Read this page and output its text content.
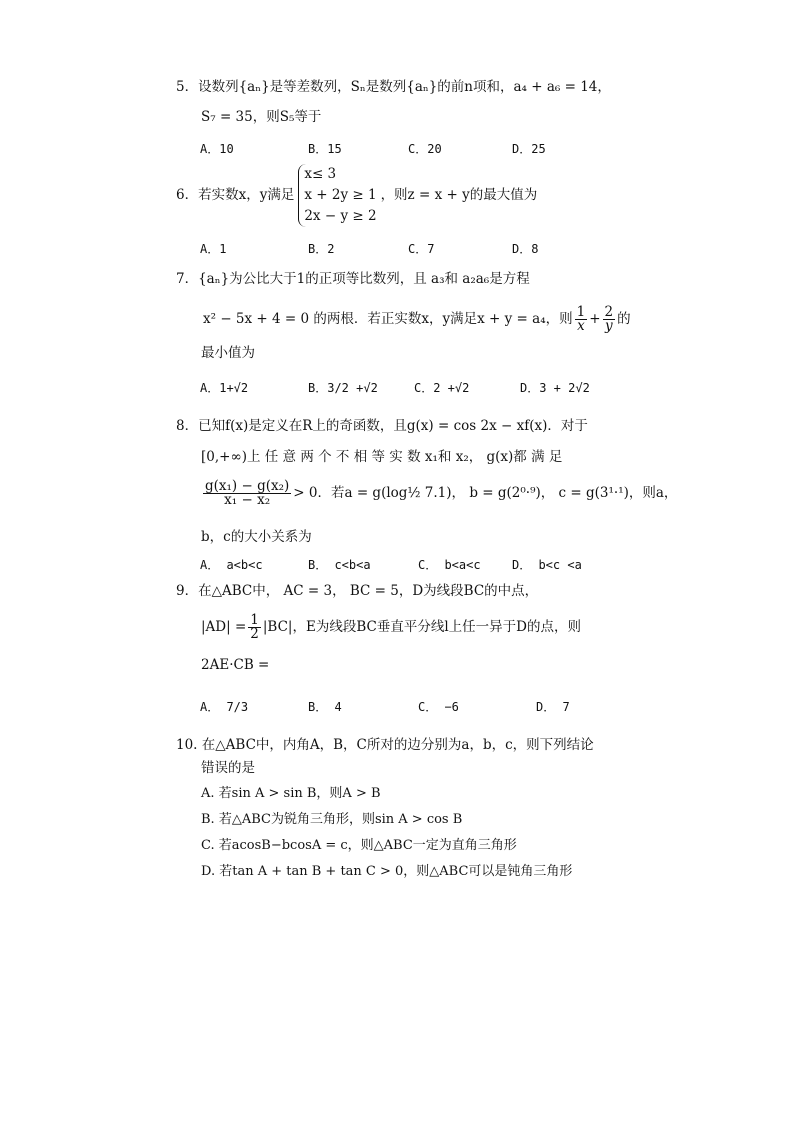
5．设数列{aₙ}是等差数列，Sₙ是数列{aₙ}的前n项和，a₄ + a₆ = 14，
S₇ = 35，则S₅等于
A．10	B．15	C．20	D．25
6．若实数x，y满足
x≤ 3
x + 2y ≥ 1
2x − y ≥ 2
，则z = x + y的最大值为
A．1	B．2	C．7	D．8
7．{aₙ}为公比大于1的正项等比数列，且 a₃和 a₂a₆是方程
x² − 5x + 4 = 0 的两根．若正实数x，y满足x + y = a₄，则 $\frac{1}{x} + \frac{2}{y}$ 的
最小值为
A．1+√2	B．3/2 +√2	C．2 +√2	D．3 + 2√2
8．已知f(x)是定义在R上的奇函数，且g(x) = cos 2x − xf(x)．对于
[0,+∞)上 任 意 两 个 不 相 等 实 数 x₁和 x₂， g(x)都 满 足
$\frac{\text{g(x₁) − g(x₂)}}{\text{x₁ − x₂}} > 0$．若a = g(log½ 7.1)， b = g(2⁰·⁹)， c = g(3¹·¹)，则a，
b，c的大小关系为
A． a<b<c	B． c<b<a	C． b<a<c	D． b<c <a
9．在△ABC中， AC = 3， BC = 5，D为线段BC的中点，
$|AD| = \frac{1}{2} |BC|$，E为线段BC垂直平分线l上任一异于D的点，则
2AE·CB =
A． 7/3	B． 4	C． −6	D． 7
10. 在△ABC中，内角A，B，C所对的边分别为a，b，c，则下列结论
错误的是
A. 若sin A > sin B，则A > B
B. 若△ABC为锐角三角形，则sin A > cos B
C. 若acosB−bcosA = c，则△ABC一定为直角三角形
D. 若tan A + tan B + tan C > 0，则△ABC可以是钝角三角形
